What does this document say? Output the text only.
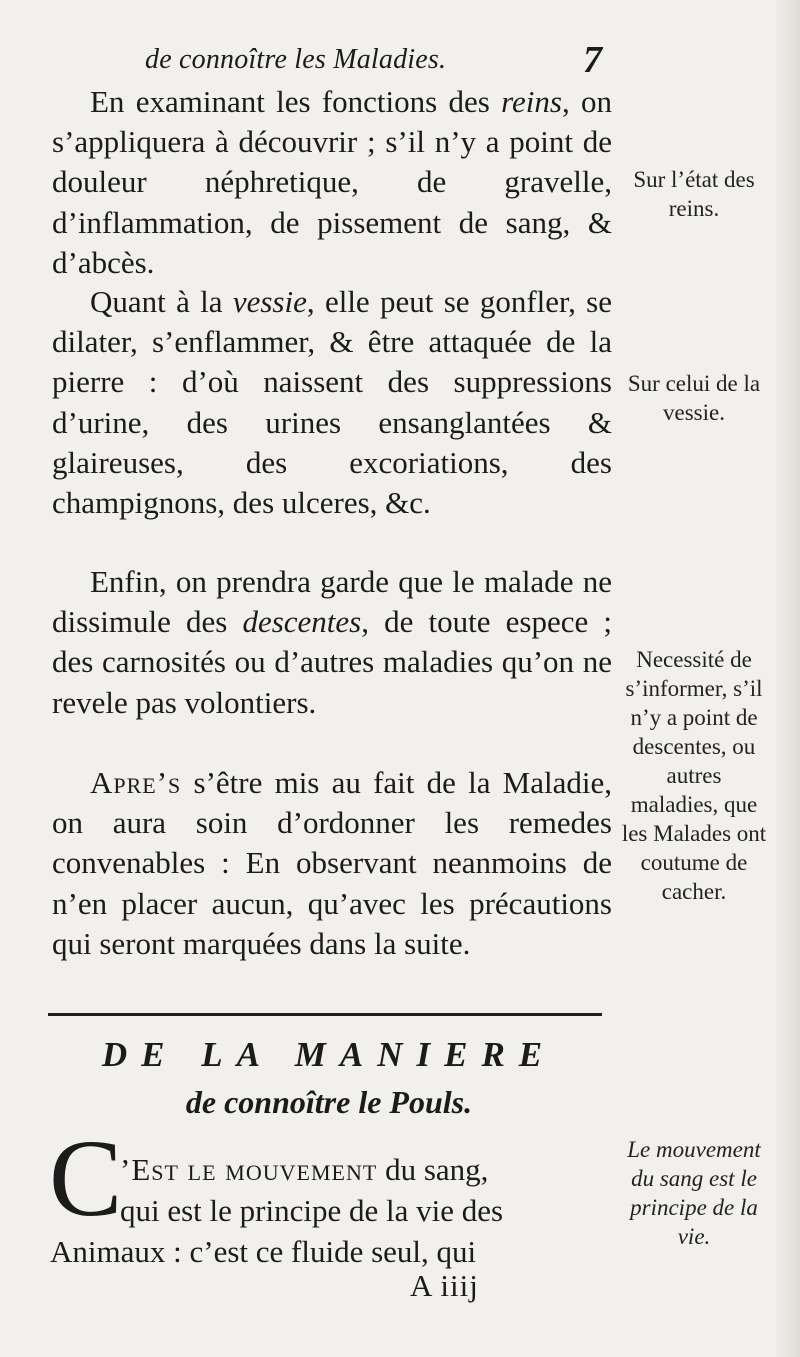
de connoître les Maladies.	7

En examinant les fonctions des reins, on s’appliquera à découvrir ; s’il n’y a point de douleur néphretique, de gravelle, d’inflammation, de pissement de sang, & d’abcès.

Quant à la vessie, elle peut se gonfler, se dilater, s’enflammer, & être attaquée de la pierre : d’où naissent des suppressions d’urine, des urines ensanglantées & glaireuses, des excoriations, des champignons, des ulceres, &c.

Enfin, on prendra garde que le malade ne dissimule des descentes, de toute espece ; des carnosités ou d’autres maladies qu’on ne revele pas volontiers.

Apre’s s’être mis au fait de la Maladie, on aura soin d’ordonner les remedes convenables : En observant neanmoins de n’en placer aucun, qu’avec les précautions qui seront marquées dans la suite.

Sur l’état des reins.
Sur celui de la vessie.
Necessité de s’informer, s’il n’y a point de descentes, ou autres maladies, que les Malades ont coutume de cacher.
Le mouvement du sang est le principe de la vie.
DE LA MANIERE
de connoître le Pouls.
C
’Est le mouvement du sang,
qui est le principe de la vie des
Animaux : c’est ce fluide seul, qui
A iiij
